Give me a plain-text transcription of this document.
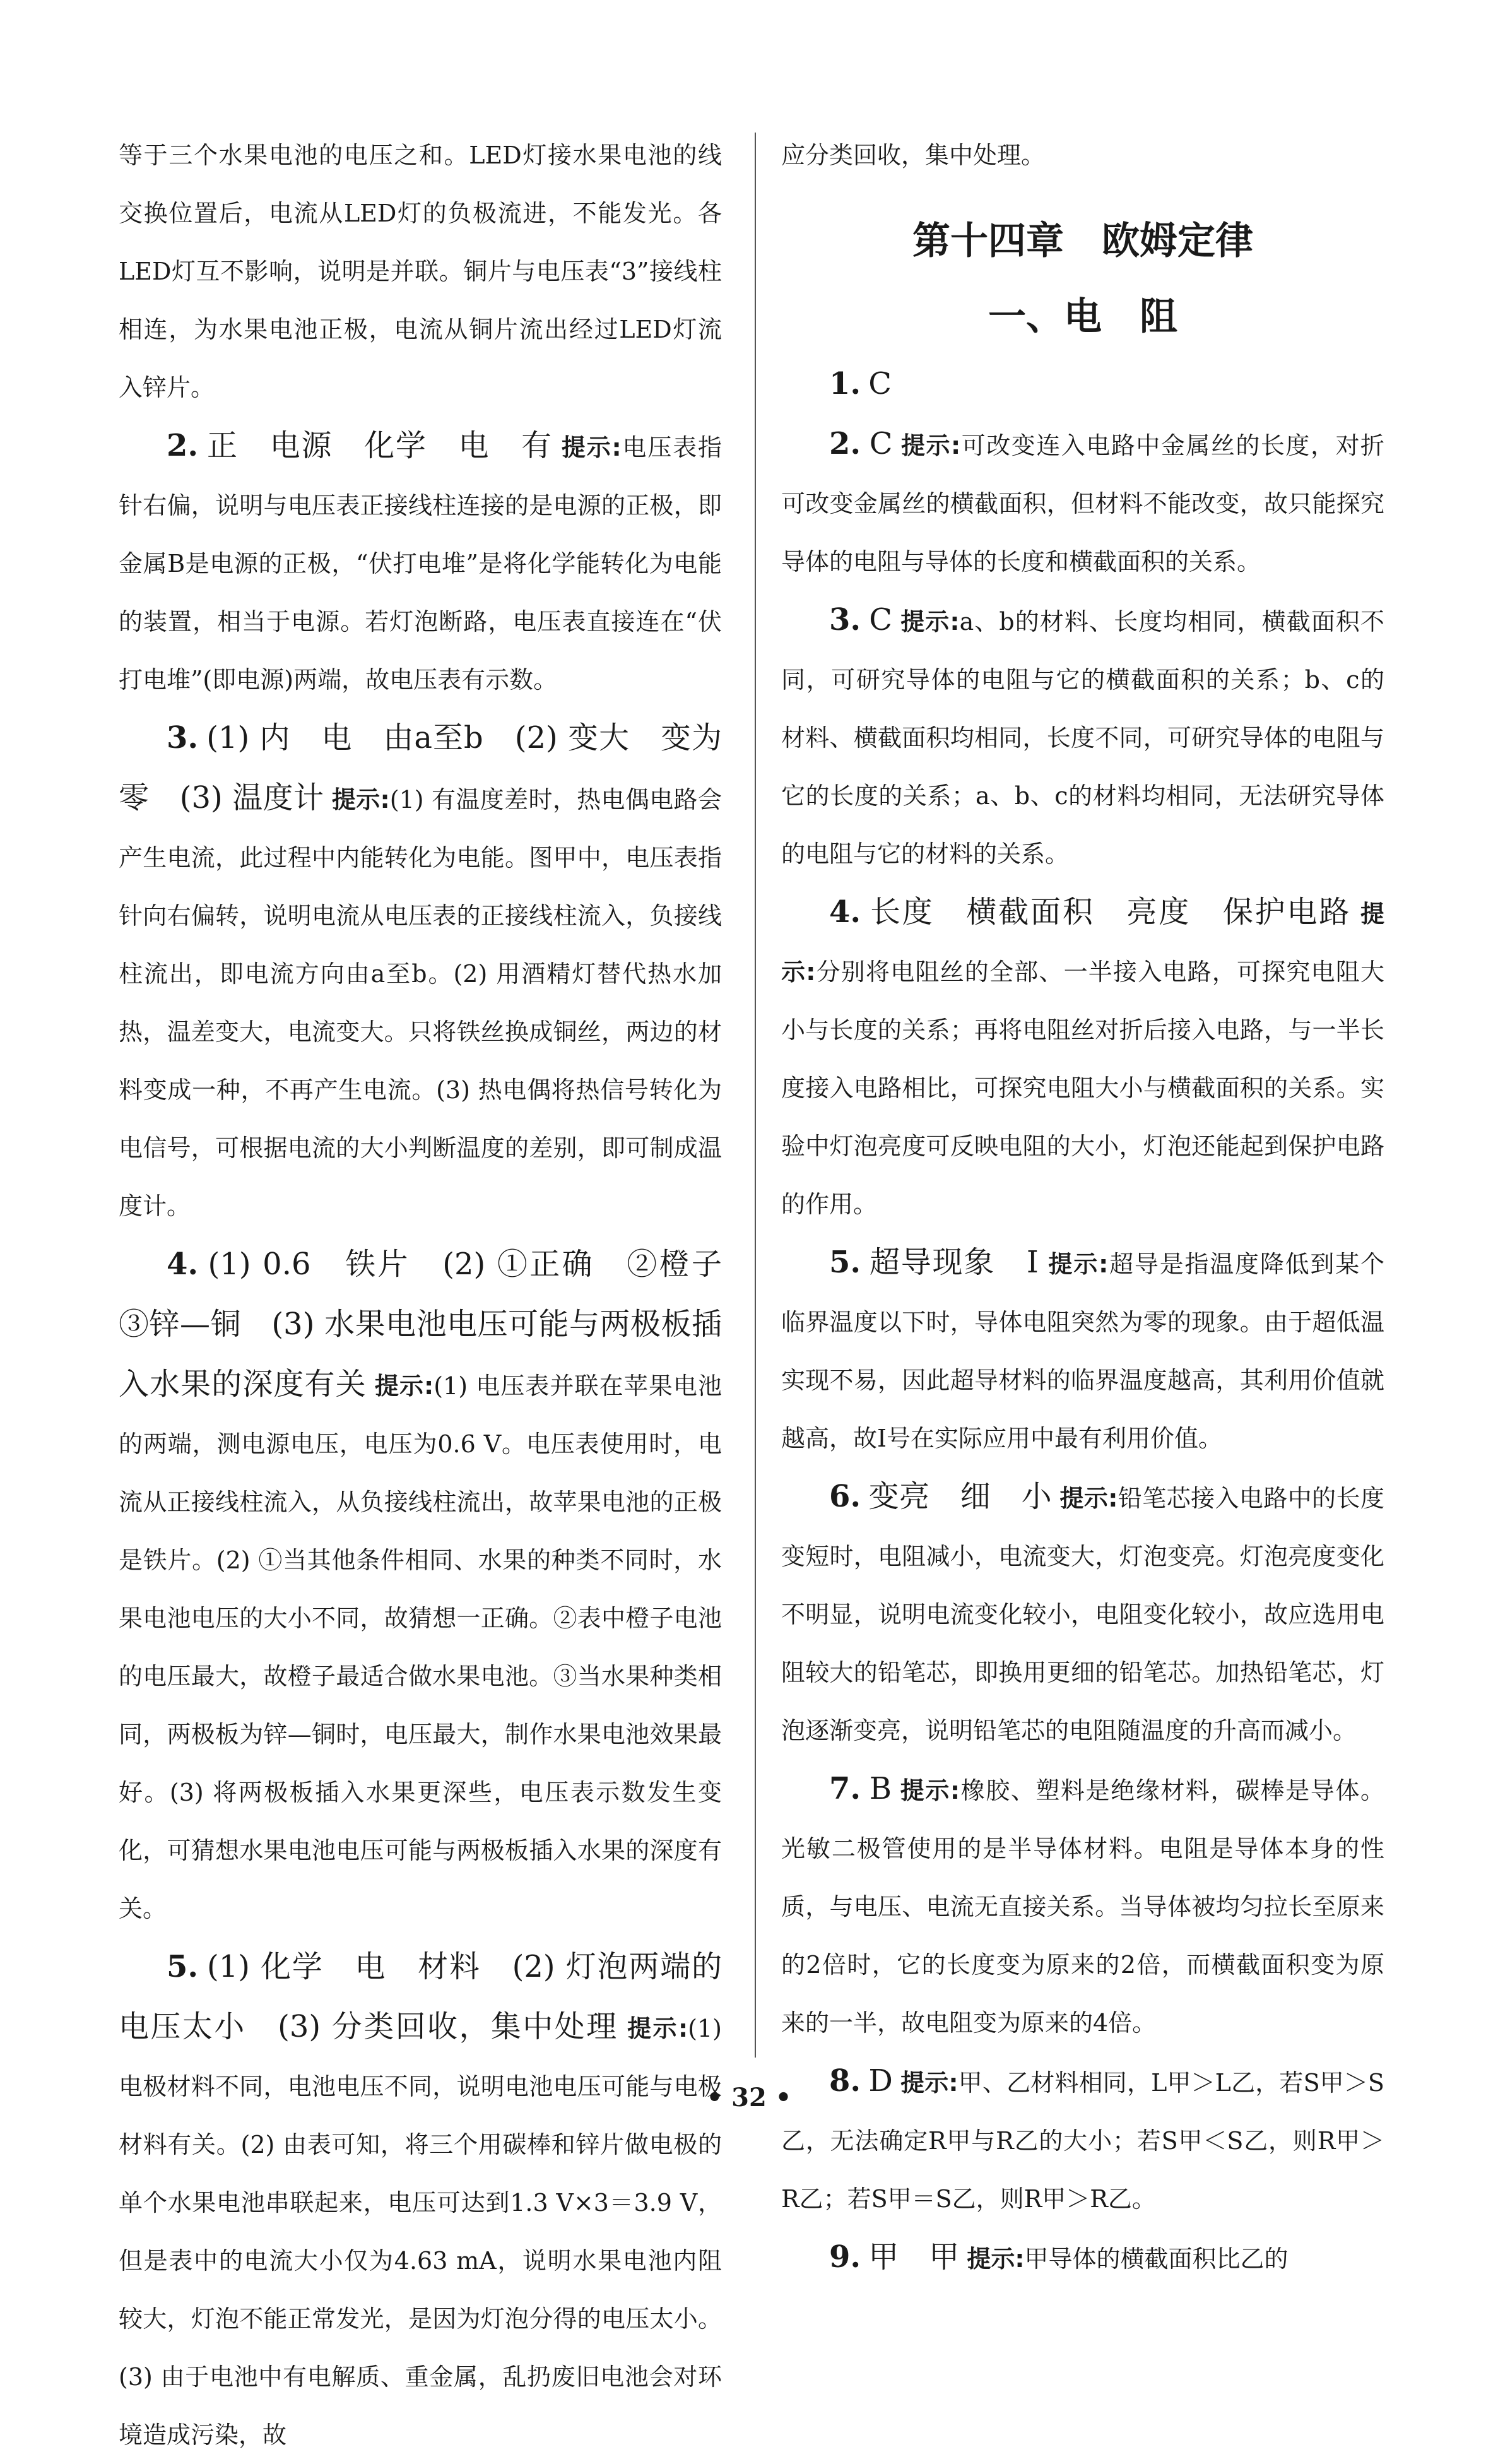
等于三个水果电池的电压之和。LED灯接水果电池的线交换位置后，电流从LED灯的负极流进，不能发光。各LED灯互不影响，说明是并联。铜片与电压表“3”接线柱相连，为水果电池正极，电流从铜片流出经过LED灯流入锌片。

2. 正　电源　化学　电　有 提示:电压表指针右偏，说明与电压表正接线柱连接的是电源的正极，即金属B是电源的正极，“伏打电堆”是将化学能转化为电能的装置，相当于电源。若灯泡断路，电压表直接连在“伏打电堆”(即电源)两端，故电压表有示数。

3. (1) 内　电　由a至b　(2) 变大　变为零　(3) 温度计 提示:(1) 有温度差时，热电偶电路会产生电流，此过程中内能转化为电能。图甲中，电压表指针向右偏转，说明电流从电压表的正接线柱流入，负接线柱流出，即电流方向由a至b。(2) 用酒精灯替代热水加热，温差变大，电流变大。只将铁丝换成铜丝，两边的材料变成一种，不再产生电流。(3) 热电偶将热信号转化为电信号，可根据电流的大小判断温度的差别，即可制成温度计。

4. (1) 0.6　铁片　(2) ①正确　②橙子　③锌—铜　(3) 水果电池电压可能与两极板插入水果的深度有关 提示:(1) 电压表并联在苹果电池的两端，测电源电压，电压为0.6 V。电压表使用时，电流从正接线柱流入，从负接线柱流出，故苹果电池的正极是铁片。(2) ①当其他条件相同、水果的种类不同时，水果电池电压的大小不同，故猜想一正确。②表中橙子电池的电压最大，故橙子最适合做水果电池。③当水果种类相同，两极板为锌—铜时，电压最大，制作水果电池效果最好。(3) 将两极板插入水果更深些，电压表示数发生变化，可猜想水果电池电压可能与两极板插入水果的深度有关。

5. (1) 化学　电　材料　(2) 灯泡两端的电压太小　(3) 分类回收，集中处理 提示:(1) 电极材料不同，电池电压不同，说明电池电压可能与电极材料有关。(2) 由表可知，将三个用碳棒和锌片做电极的单个水果电池串联起来，电压可达到1.3 V×3＝3.9 V，但是表中的电流大小仅为4.63 mA，说明水果电池内阻较大，灯泡不能正常发光，是因为灯泡分得的电压太小。(3) 由于电池中有电解质、重金属，乱扔废旧电池会对环境造成污染，故

应分类回收，集中处理。

第十四章　欧姆定律
一、电　阻

1. C

2. C 提示:可改变连入电路中金属丝的长度，对折可改变金属丝的横截面积，但材料不能改变，故只能探究导体的电阻与导体的长度和横截面积的关系。

3. C 提示:a、b的材料、长度均相同，横截面积不同，可研究导体的电阻与它的横截面积的关系；b、c的材料、横截面积均相同，长度不同，可研究导体的电阻与它的长度的关系；a、b、c的材料均相同，无法研究导体的电阻与它的材料的关系。

4. 长度　横截面积　亮度　保护电路 提示:分别将电阻丝的全部、一半接入电路，可探究电阻大小与长度的关系；再将电阻丝对折后接入电路，与一半长度接入电路相比，可探究电阻大小与横截面积的关系。实验中灯泡亮度可反映电阻的大小，灯泡还能起到保护电路的作用。

5. 超导现象　Ⅰ 提示:超导是指温度降低到某个临界温度以下时，导体电阻突然为零的现象。由于超低温实现不易，因此超导材料的临界温度越高，其利用价值就越高，故Ⅰ号在实际应用中最有利用价值。

6. 变亮　细　小 提示:铅笔芯接入电路中的长度变短时，电阻减小，电流变大，灯泡变亮。灯泡亮度变化不明显，说明电流变化较小，电阻变化较小，故应选用电阻较大的铅笔芯，即换用更细的铅笔芯。加热铅笔芯，灯泡逐渐变亮，说明铅笔芯的电阻随温度的升高而减小。

7. B 提示:橡胶、塑料是绝缘材料，碳棒是导体。光敏二极管使用的是半导体材料。电阻是导体本身的性质，与电压、电流无直接关系。当导体被均匀拉长至原来的2倍时，它的长度变为原来的2倍，而横截面积变为原来的一半，故电阻变为原来的4倍。

8. D 提示:甲、乙材料相同，L甲＞L乙，若S甲＞S乙，无法确定R甲与R乙的大小；若S甲＜S乙，则R甲＞R乙；若S甲＝S乙，则R甲＞R乙。

9. 甲　甲 提示:甲导体的横截面积比乙的

• 32 •
